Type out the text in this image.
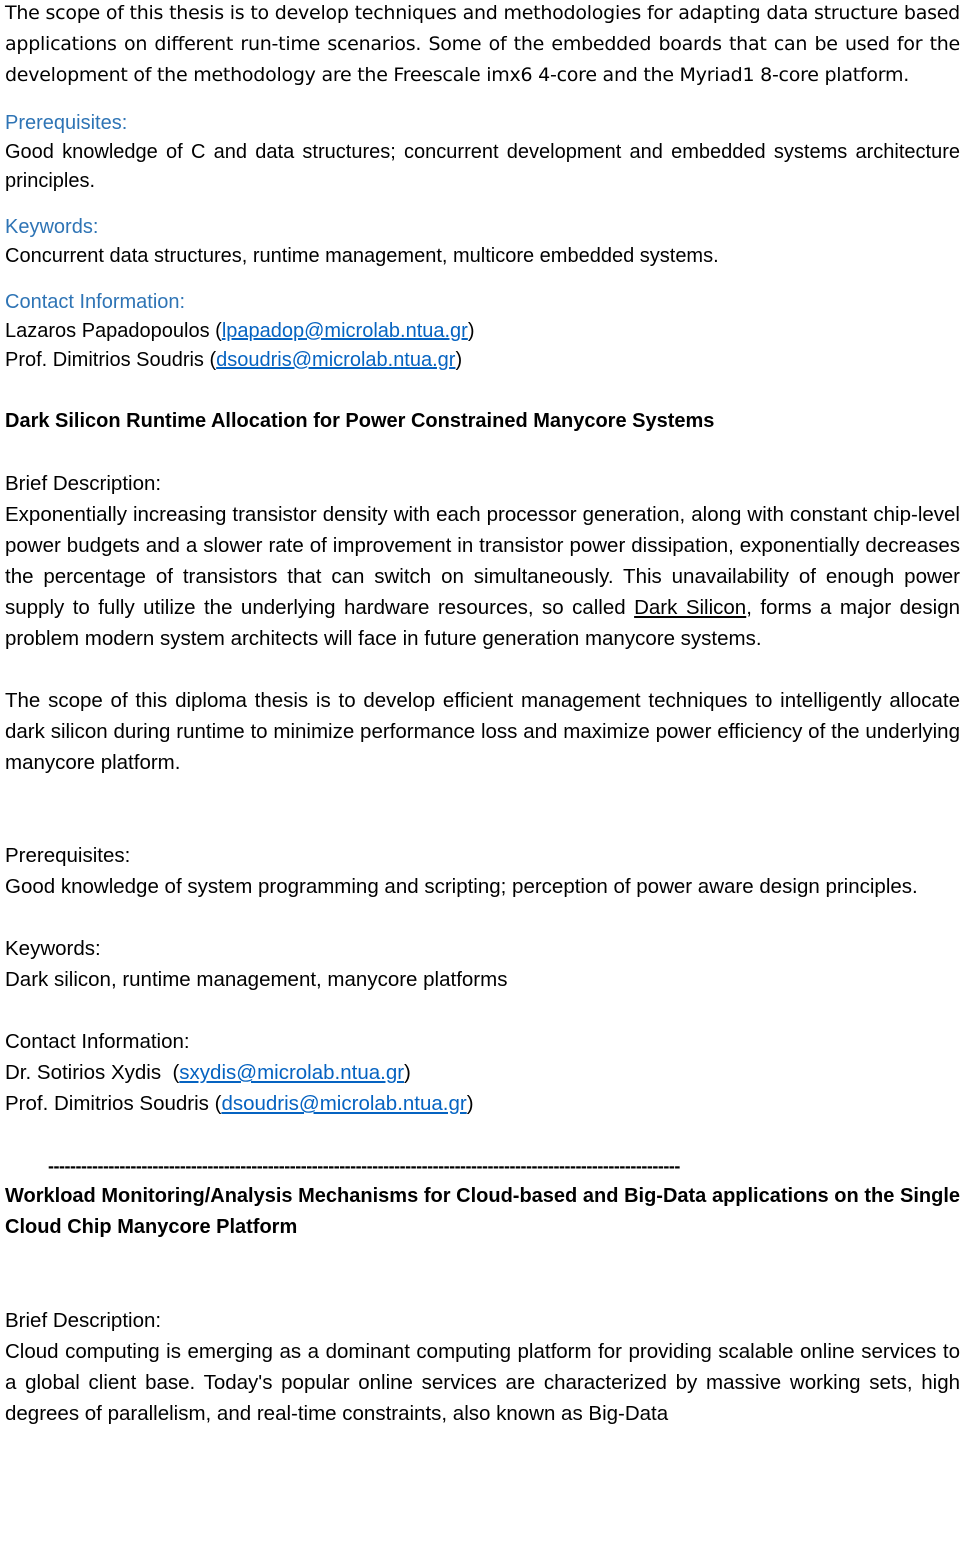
The scope of this thesis is to develop techniques and methodologies for adapting data structure based applications on different run-time scenarios. Some of the embedded boards that can be used for the development of the methodology are the Freescale imx6 4-core and the Myriad1 8-core platform.

Prerequisites:

Good knowledge of C and data structures; concurrent development and embedded systems architecture principles.

Keywords:

Concurrent data structures, runtime management, multicore embedded systems.

Contact Information:

Lazaros Papadopoulos (lpapadop@microlab.ntua.gr)

Prof. Dimitrios Soudris (dsoudris@microlab.ntua.gr)

Dark Silicon Runtime Allocation for Power Constrained Manycore Systems

Brief Description:

Exponentially increasing transistor density with each processor generation, along with constant chip-level power budgets and a slower rate of improvement in transistor power dissipation, exponentially decreases the percentage of transistors that can switch on simultaneously. This unavailability of enough power supply to fully utilize the underlying hardware resources, so called Dark Silicon, forms a major design problem modern system architects will face in future generation manycore systems.

The scope of this diploma thesis is to develop efficient management techniques to intelligently allocate dark silicon during runtime to minimize performance loss and maximize power efficiency of the underlying manycore platform.

Prerequisites:

Good knowledge of system programming and scripting; perception of power aware design principles.

Keywords:

Dark silicon, runtime management, manycore platforms

Contact Information:

Dr. Sotirios Xydis  (sxydis@microlab.ntua.gr)

Prof. Dimitrios Soudris (dsoudris@microlab.ntua.gr)

-------------------------------------------------------------------------------------------------------------------

Workload Monitoring/Analysis Mechanisms for Cloud-based and Big-Data applications on the Single Cloud Chip Manycore Platform

Brief Description:

Cloud computing is emerging as a dominant computing platform for providing scalable online services to a global client base. Today's popular online services are characterized by massive working sets, high degrees of parallelism, and real-time constraints, also known as Big-Data
